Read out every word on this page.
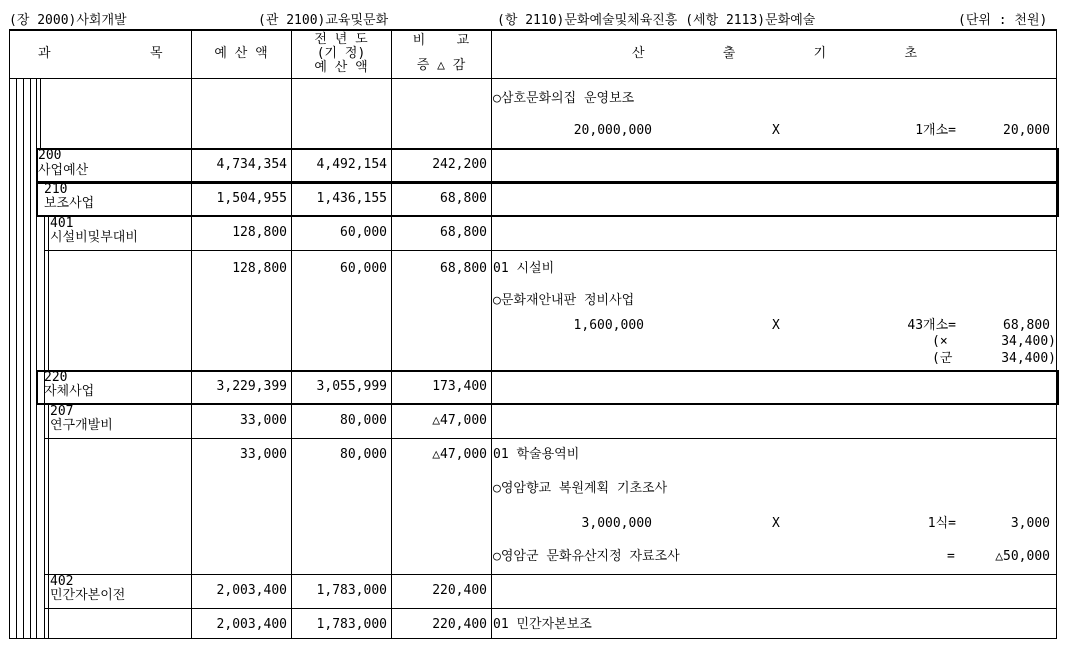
(장 2000)사회개발	(관 2100)교육및문화	(항 2110)문화예술및체육진흥 (세항 2113)문화예술	(단위 : 천원)
과	목	예 산 액
전 년 도
(기 정)
예 산 액
비    교
증 △ 감
산          출          기          초
○삼호문화의집 운영보조
20,000,000	X	1개소=	20,000
200
사업예산	4,734,354	4,492,154	242,200
210
보조사업	1,504,955	1,436,155	68,800
401
시설비및부대비	128,800	60,000	68,800
128,800	60,000	68,800 01 시설비
○문화재안내판 정비사업
1,600,000	X	43개소=	68,800
(×	34,400)
(군	34,400)
220
자체사업	3,229,399	3,055,999	173,400
207
연구개발비	33,000	80,000	△47,000
33,000	80,000	△47,000 01 학술용역비
○영암향교 복원계획 기초조사
3,000,000	X	1식=	3,000
○영암군 문화유산지정 자료조사	=	△50,000
402
민간자본이전	2,003,400	1,783,000	220,400
2,003,400	1,783,000	220,400 01 민간자본보조
